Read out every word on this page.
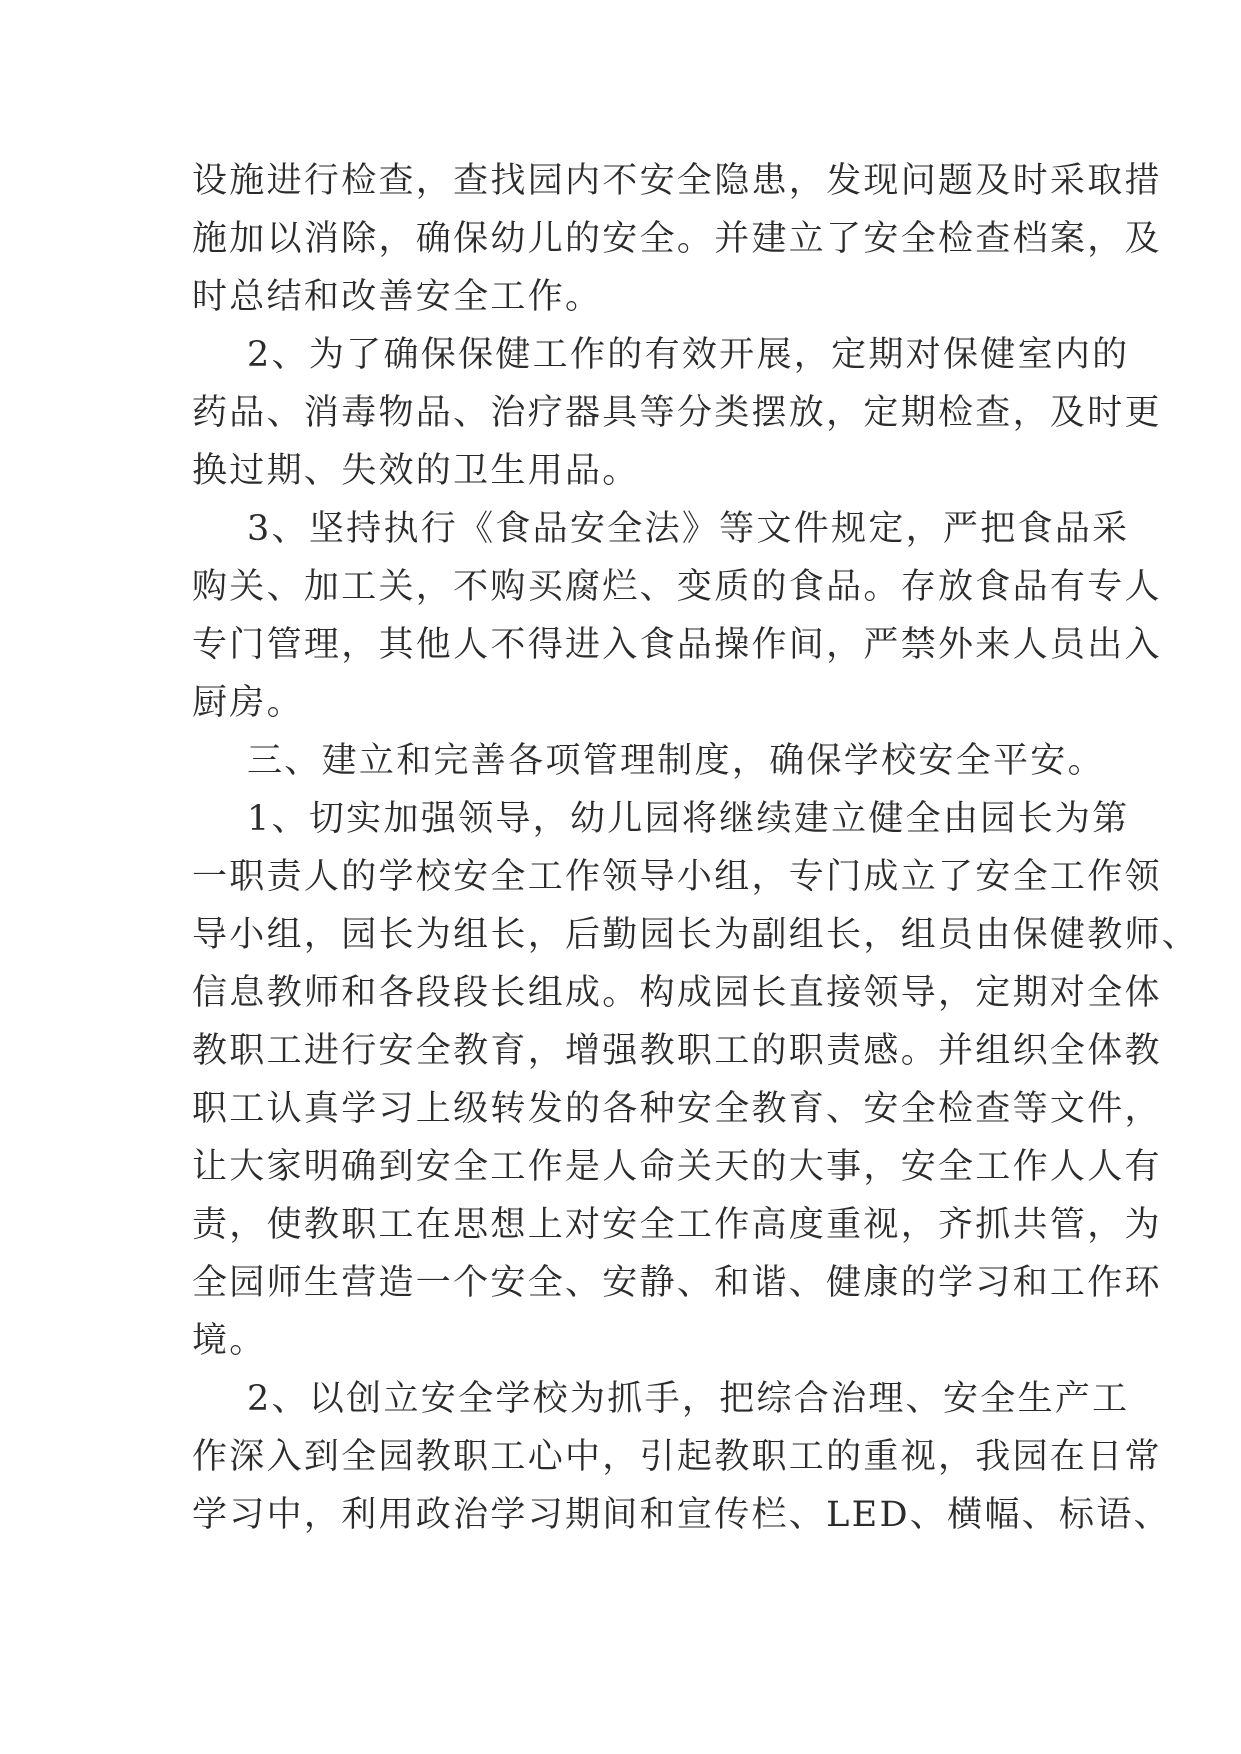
设施进行检查，查找园内不安全隐患，发现问题及时采取措
施加以消除，确保幼儿的安全。并建立了安全检查档案，及
时总结和改善安全工作。
2、为了确保保健工作的有效开展，定期对保健室内的
药品、消毒物品、治疗器具等分类摆放，定期检查，及时更
换过期、失效的卫生用品。
3、坚持执行《食品安全法》等文件规定，严把食品采
购关、加工关，不购买腐烂、变质的食品。存放食品有专人
专门管理，其他人不得进入食品操作间，严禁外来人员出入
厨房。
三、建立和完善各项管理制度，确保学校安全平安。
1、切实加强领导，幼儿园将继续建立健全由园长为第
一职责人的学校安全工作领导小组，专门成立了安全工作领
导小组，园长为组长，后勤园长为副组长，组员由保健教师、
信息教师和各段段长组成。构成园长直接领导，定期对全体
教职工进行安全教育，增强教职工的职责感。并组织全体教
职工认真学习上级转发的各种安全教育、安全检查等文件，
让大家明确到安全工作是人命关天的大事，安全工作人人有
责，使教职工在思想上对安全工作高度重视，齐抓共管，为
全园师生营造一个安全、安静、和谐、健康的学习和工作环
境。
2、以创立安全学校为抓手，把综合治理、安全生产工
作深入到全园教职工心中，引起教职工的重视，我园在日常
学习中，利用政治学习期间和宣传栏、LED、横幅、标语、
